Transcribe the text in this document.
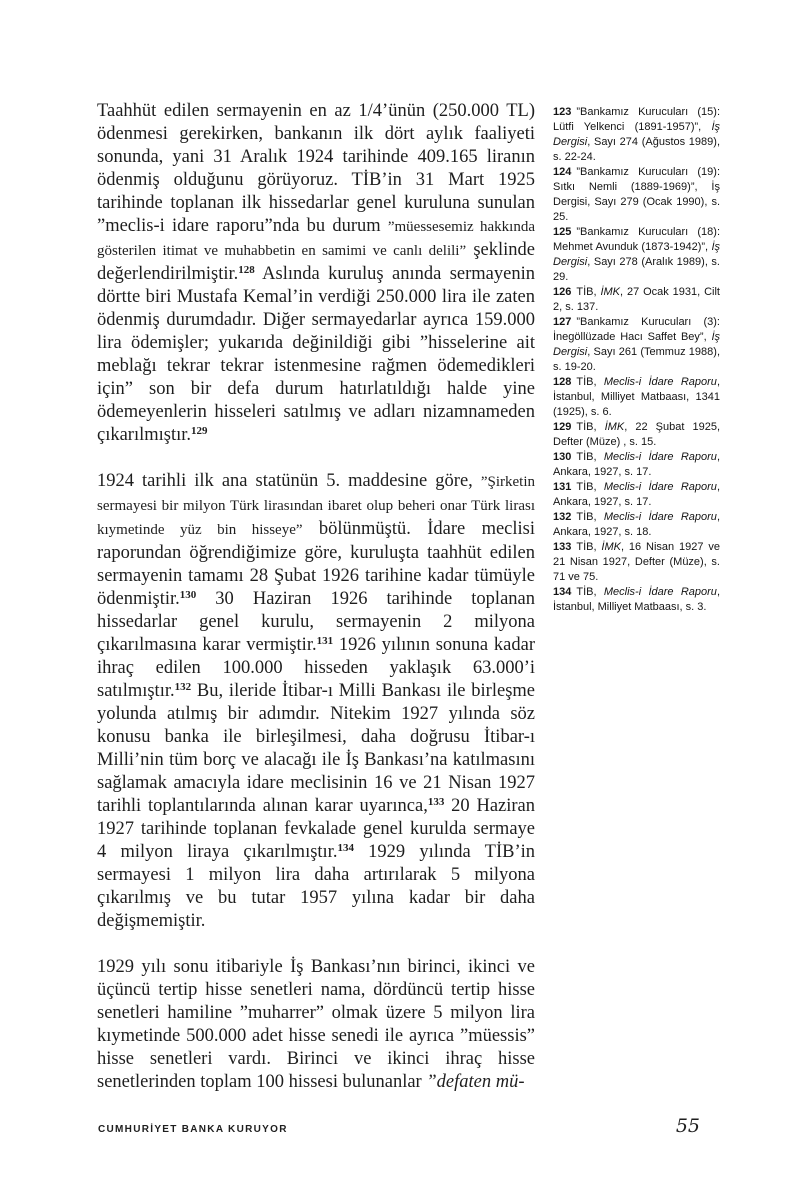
Taahhüt edilen sermayenin en az 1/4’ünün (250.000 TL) ödenmesi gerekirken, bankanın ilk dört aylık faaliyeti sonunda, yani 31 Aralık 1924 tarihinde 409.165 liranın ödenmiş olduğunu görüyoruz. TİB’in 31 Mart 1925 tarihinde toplanan ilk hissedarlar genel kuruluna sunulan ”meclis-i idare raporu”nda bu durum ”müessesemiz hakkında gösterilen itimat ve muhabbetin en samimi ve canlı delili” şeklinde değerlendirilmiştir.$^{128}$ Aslında kuruluş anında sermayenin dörtte biri Mustafa Kemal’in verdiği 250.000 lira ile zaten ödenmiş durumdadır. Diğer sermayedarlar ayrıca 159.000 lira ödemişler; yukarıda değinildiği gibi ”hisselerine ait meblağı tekrar tekrar istenmesine rağmen ödemedikleri için” son bir defa durum hatırlatıldığı halde yine ödemeyenlerin hisseleri satılmış ve adları nizamnameden çıkarılmıştır.$^{129}$

1924 tarihli ilk ana statünün 5. maddesine göre, ”Şirketin sermayesi bir milyon Türk lirasından ibaret olup beheri onar Türk lirası kıymetinde yüz bin hisseye” bölünmüştü. İdare meclisi raporundan öğrendiğimize göre, kuruluşta taahhüt edilen sermayenin tamamı 28 Şubat 1926 tarihine kadar tümüyle ödenmiştir.$^{130}$ 30 Haziran 1926 tarihinde toplanan hissedarlar genel kurulu, sermayenin 2 milyona çıkarılmasına karar vermiştir.$^{131}$ 1926 yılının sonuna kadar ihraç edilen 100.000 hisseden yaklaşık 63.000’i satılmıştır.$^{132}$ Bu, ileride İtibar-ı Milli Bankası ile birleşme yolunda atılmış bir adımdır. Nitekim 1927 yılında söz konusu banka ile birleşilmesi, daha doğrusu İtibar-ı Milli’nin tüm borç ve alacağı ile İş Bankası’na katılmasını sağlamak amacıyla idare meclisinin 16 ve 21 Nisan 1927 tarihli toplantılarında alınan karar uyarınca,$^{133}$ 20 Haziran 1927 tarihinde toplanan fevkalade genel kurulda sermaye 4 milyon liraya çıkarılmıştır.$^{134}$ 1929 yılında TİB’in sermayesi 1 milyon lira daha artırılarak 5 milyona çıkarılmış ve bu tutar 1957 yılına kadar bir daha değişmemiştir.

1929 yılı sonu itibariyle İş Bankası’nın birinci, ikinci ve üçüncü tertip hisse senetleri nama, dördüncü tertip hisse senetleri hamiline ”muharrer” olmak üzere 5 milyon lira kıymetinde 500.000 adet hisse senedi ile ayrıca ”müessis” hisse senetleri vardı. Birinci ve ikinci ihraç hisse senetlerinden toplam 100 hissesi bulunanlar ”defaten mü-

123 ”Bankamız Kurucuları (15): Lütfi Yelkenci (1891-1957)”, İş Dergisi, Sayı 274 (Ağustos 1989), s. 22-24.
124 ”Bankamız Kurucuları (19): Sıtkı Nemli (1889-1969)”, İş Dergisi, Sayı 279 (Ocak 1990), s. 25.
125 ”Bankamız Kurucuları (18): Mehmet Avunduk (1873-1942)”, İş Dergisi, Sayı 278 (Aralık 1989), s. 29.
126 TİB, İMK, 27 Ocak 1931, Cilt 2, s. 137.
127 ”Bankamız Kurucuları (3): İnegöllüzade Hacı Saffet Bey”, İş Dergisi, Sayı 261 (Temmuz 1988), s. 19-20.
128 TİB, Meclis-i İdare Raporu, İstanbul, Milliyet Matbaası, 1341 (1925), s. 6.
129 TİB, İMK, 22 Şubat 1925, Defter (Müze) , s. 15.
130 TİB, Meclis-i İdare Raporu, Ankara, 1927, s. 17.
131 TİB, Meclis-i İdare Raporu, Ankara, 1927, s. 17.
132 TİB, Meclis-i İdare Raporu, Ankara, 1927, s. 18.
133 TİB, İMK, 16 Nisan 1927 ve 21 Nisan 1927, Defter (Müze), s. 71 ve 75.
134 TİB, Meclis-i İdare Raporu, İstanbul, Milliyet Matbaası, s. 3.
CUMHURİYET BANKA KURUYOR	55
